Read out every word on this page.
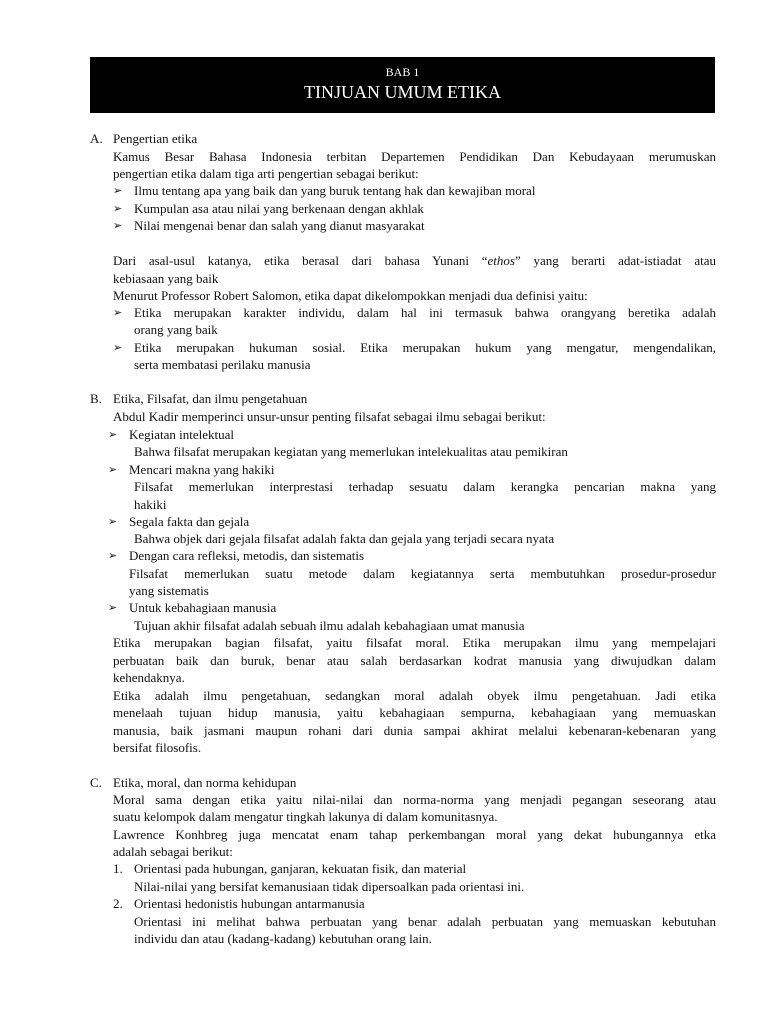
BAB 1
TINJUAN UMUM ETIKA
A. Pengertian etika
Kamus Besar Bahasa Indonesia terbitan Departemen Pendidikan Dan Kebudayaan merumuskan
pengertian etika dalam tiga arti pengertian sebagai berikut:
➢ Ilmu tentang apa yang baik dan yang buruk tentang hak dan kewajiban moral
➢ Kumpulan asa atau nilai yang berkenaan dengan akhlak
➢ Nilai mengenai benar dan salah yang dianut masyarakat
Dari asal-usul katanya, etika berasal dari bahasa Yunani “ethos” yang berarti adat-istiadat atau
kebiasaan yang baik
Menurut Professor Robert Salomon, etika dapat dikelompokkan menjadi dua definisi yaitu:
➢ Etika merupakan karakter individu, dalam hal ini termasuk bahwa orangyang beretika adalah
orang yang baik
➢ Etika merupakan hukuman sosial. Etika merupakan hukum yang mengatur, mengendalikan,
serta membatasi perilaku manusia
B. Etika, Filsafat, dan ilmu pengetahuan
Abdul Kadir memperinci unsur-unsur penting filsafat sebagai ilmu sebagai berikut:
➢ Kegiatan intelektual
Bahwa filsafat merupakan kegiatan yang memerlukan intelekualitas atau pemikiran
➢ Mencari makna yang hakiki
Filsafat memerlukan interprestasi terhadap sesuatu dalam kerangka pencarian makna yang
hakiki
➢ Segala fakta dan gejala
Bahwa objek dari gejala filsafat adalah fakta dan gejala yang terjadi secara nyata
➢ Dengan cara refleksi, metodis, dan sistematis
Filsafat memerlukan suatu metode dalam kegiatannya serta membutuhkan prosedur-prosedur
yang sistematis
➢ Untuk kebahagiaan manusia
Tujuan akhir filsafat adalah sebuah ilmu adalah kebahagiaan umat manusia
Etika merupakan bagian filsafat, yaitu filsafat moral. Etika merupakan ilmu yang mempelajari
perbuatan baik dan buruk, benar atau salah berdasarkan kodrat manusia yang diwujudkan dalam
kehendaknya.
Etika adalah ilmu pengetahuan, sedangkan moral adalah obyek ilmu pengetahuan. Jadi etika
menelaah tujuan hidup manusia, yaitu kebahagiaan sempurna, kebahagiaan yang memuaskan
manusia, baik jasmani maupun rohani dari dunia sampai akhirat melalui kebenaran-kebenaran yang
bersifat filosofis.
C. Etika, moral, dan norma kehidupan
Moral sama dengan etika yaitu nilai-nilai dan norma-norma yang menjadi pegangan seseorang atau
suatu kelompok dalam mengatur tingkah lakunya di dalam komunitasnya.
Lawrence Konhbreg juga mencatat enam tahap perkembangan moral yang dekat hubungannya etka
adalah sebagai berikut:
1. Orientasi pada hubungan, ganjaran, kekuatan fisik, dan material
Nilai-nilai yang bersifat kemanusiaan tidak dipersoalkan pada orientasi ini.
2. Orientasi hedonistis hubungan antarmanusia
Orientasi ini melihat bahwa perbuatan yang benar adalah perbuatan yang memuaskan kebutuhan
individu dan atau (kadang-kadang) kebutuhan orang lain.
